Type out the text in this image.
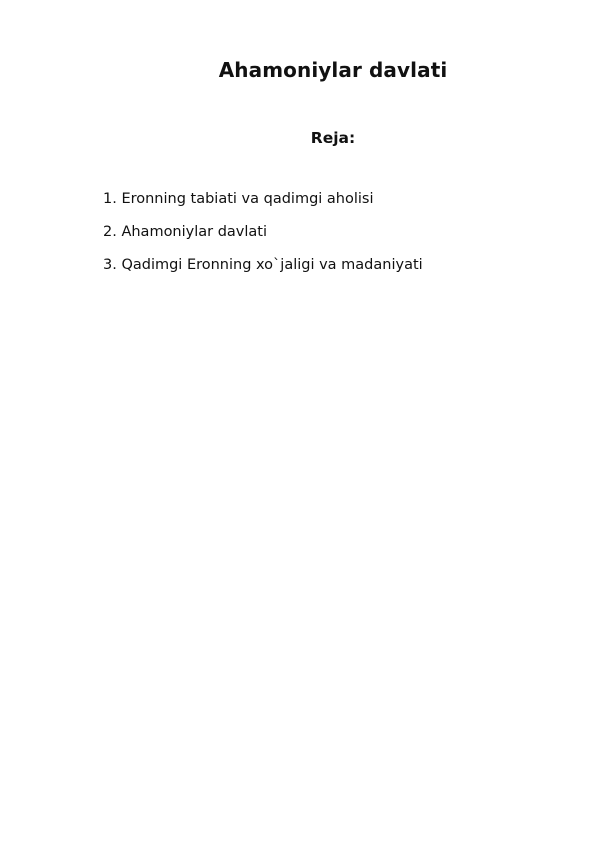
Ahamoniylar davlati
Reja:
1. Eronning tabiati va qadimgi aholisi
2. Ahamoniylar davlati
3. Qadimgi Eronning xo`jaligi va madaniyati
